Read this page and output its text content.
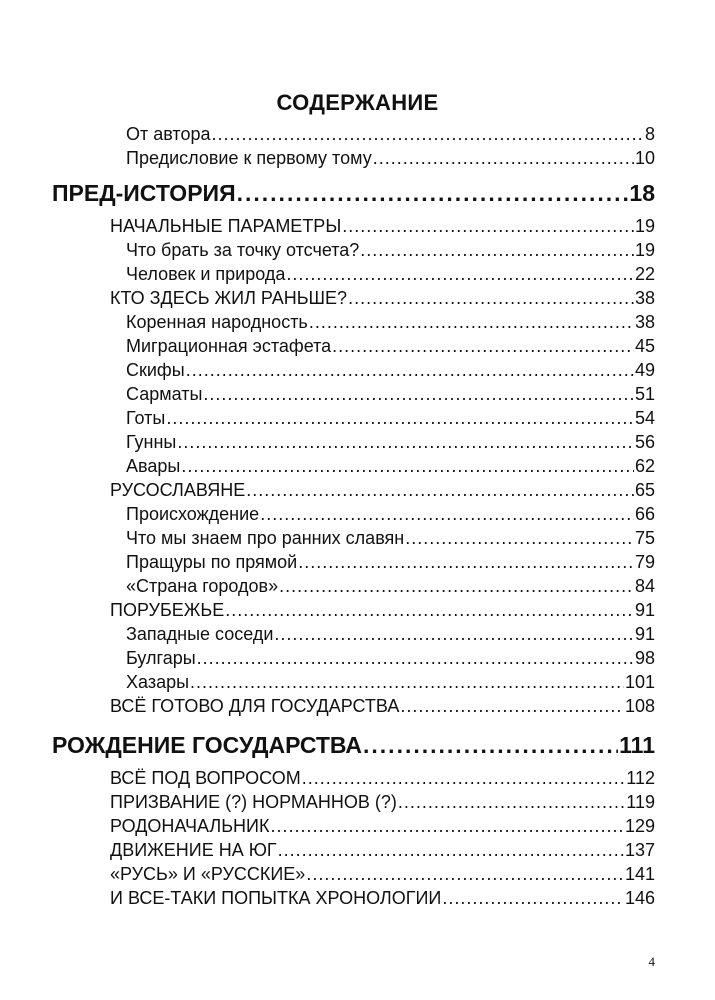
СОДЕРЖАНИЕ
От автора .....	8
Предисловие к первому тому .....	10
ПРЕД-ИСТОРИЯ .....	18
НАЧАЛЬНЫЕ ПАРАМЕТРЫ .....	19
Что брать за точку отсчета? .....	19
Человек и природа .....	22
КТО ЗДЕСЬ ЖИЛ РАНЬШЕ? .....	38
Коренная народность .....	38
Миграционная эстафета .....	45
Скифы .....	49
Сарматы .....	51
Готы .....	54
Гунны .....	56
Авары .....	62
РУСОСЛАВЯНЕ .....	65
Происхождение .....	66
Что мы знаем про ранних славян .....	75
Пращуры по прямой .....	79
«Страна городов» .....	84
ПОРУБЕЖЬЕ .....	91
Западные соседи .....	91
Булгары .....	98
Хазары .....	101
ВСЁ ГОТОВО ДЛЯ ГОСУДАРСТВА .....	108
РОЖДЕНИЕ ГОСУДАРСТВА .....	111
ВСЁ ПОД ВОПРОСОМ .....	112
ПРИЗВАНИЕ (?) НОРМАННОВ (?) .....	119
РОДОНАЧАЛЬНИК .....	129
ДВИЖЕНИЕ НА ЮГ .....	137
«РУСЬ» И «РУССКИЕ» .....	141
И ВСЕ-ТАКИ ПОПЫТКА ХРОНОЛОГИИ .....	146
4
